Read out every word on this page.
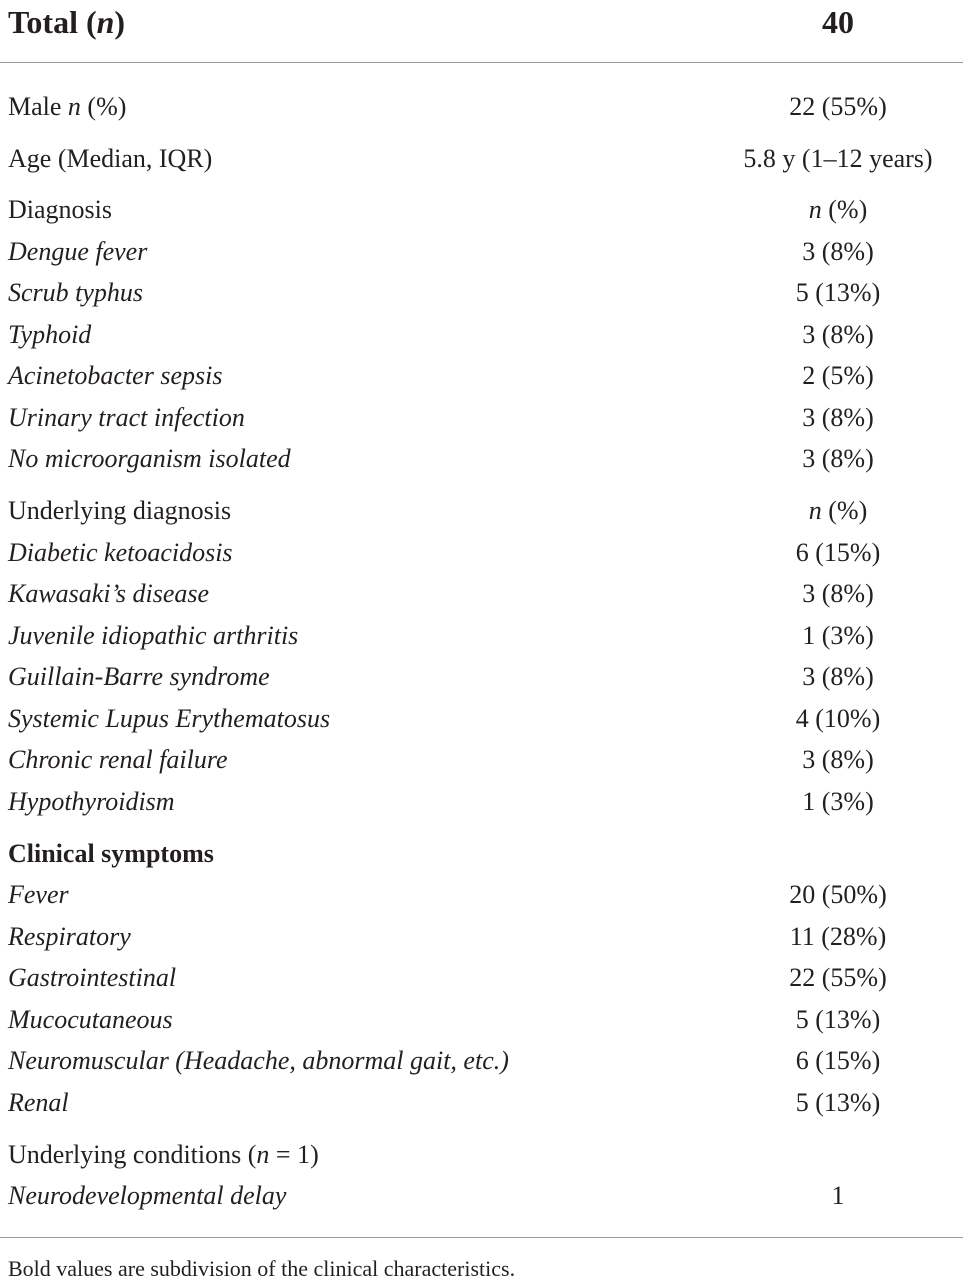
Total (n)	40
Male n (%)	22 (55%)
Age (Median, IQR)	5.8 y (1–12 years)
Diagnosis	n (%)
Dengue fever	3 (8%)
Scrub typhus	5 (13%)
Typhoid	3 (8%)
Acinetobacter sepsis	2 (5%)
Urinary tract infection	3 (8%)
No microorganism isolated	3 (8%)
Underlying diagnosis	n (%)
Diabetic ketoacidosis	6 (15%)
Kawasaki’s disease	3 (8%)
Juvenile idiopathic arthritis	1 (3%)
Guillain-Barre syndrome	3 (8%)
Systemic Lupus Erythematosus	4 (10%)
Chronic renal failure	3 (8%)
Hypothyroidism	1 (3%)
Clinical symptoms
Fever	20 (50%)
Respiratory	11 (28%)
Gastrointestinal	22 (55%)
Mucocutaneous	5 (13%)
Neuromuscular (Headache, abnormal gait, etc.)	6 (15%)
Renal	5 (13%)
Underlying conditions (n = 1)
Neurodevelopmental delay	1
Bold values are subdivision of the clinical characteristics.
